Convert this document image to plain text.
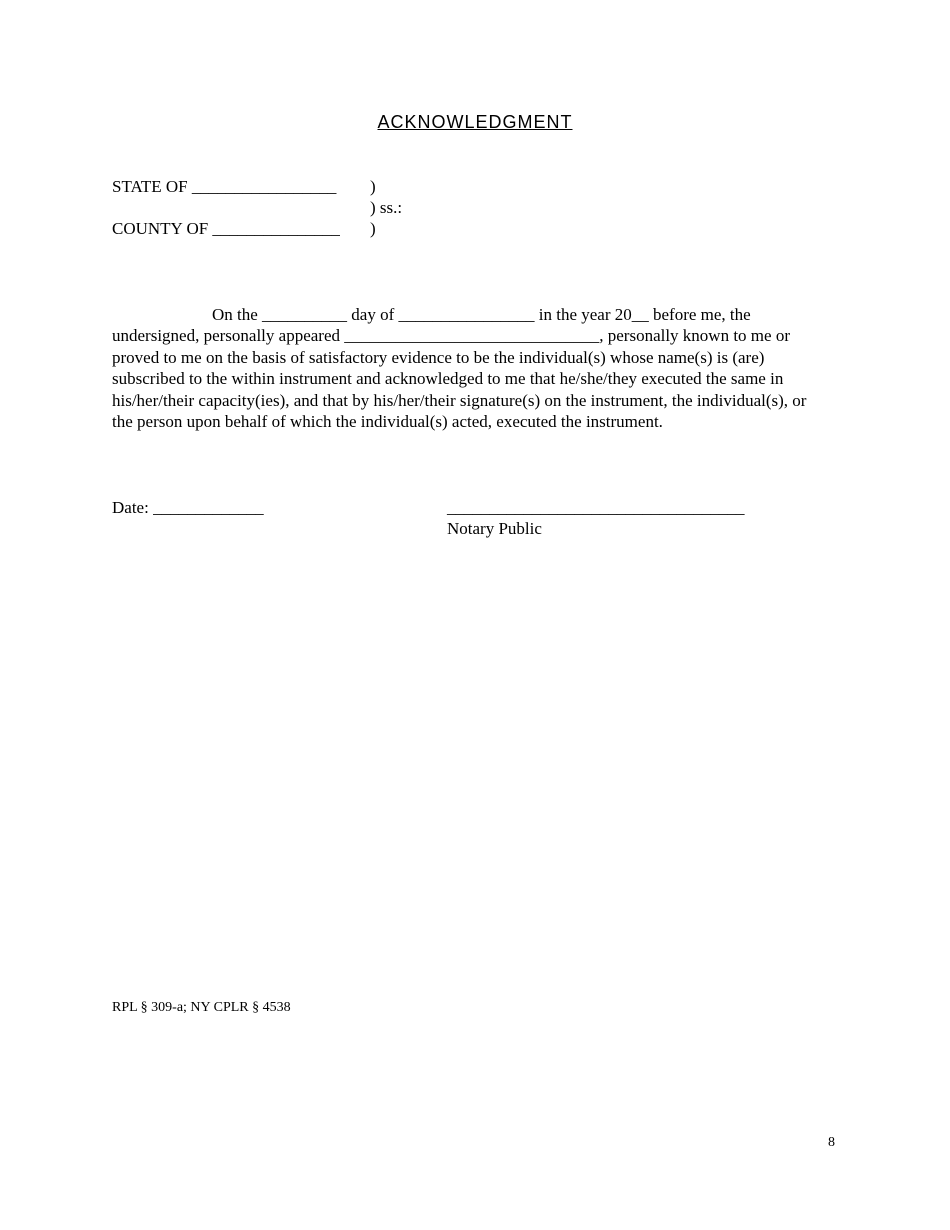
ACKNOWLEDGMENT
STATE OF _________________ )
) ss.:
COUNTY OF _______________ )
On the __________ day of ________________ in the year 20__ before me, the undersigned, personally appeared ______________________________, personally known to me or proved to me on the basis of satisfactory evidence to be the individual(s) whose name(s) is (are) subscribed to the within instrument and acknowledged to me that he/she/they executed the same in his/her/their capacity(ies), and that by his/her/their signature(s) on the instrument, the individual(s), or the person upon behalf of which the individual(s) acted, executed the instrument.
Date: _____________	___________________________________
Notary Public
RPL § 309-a; NY CPLR § 4538
8
